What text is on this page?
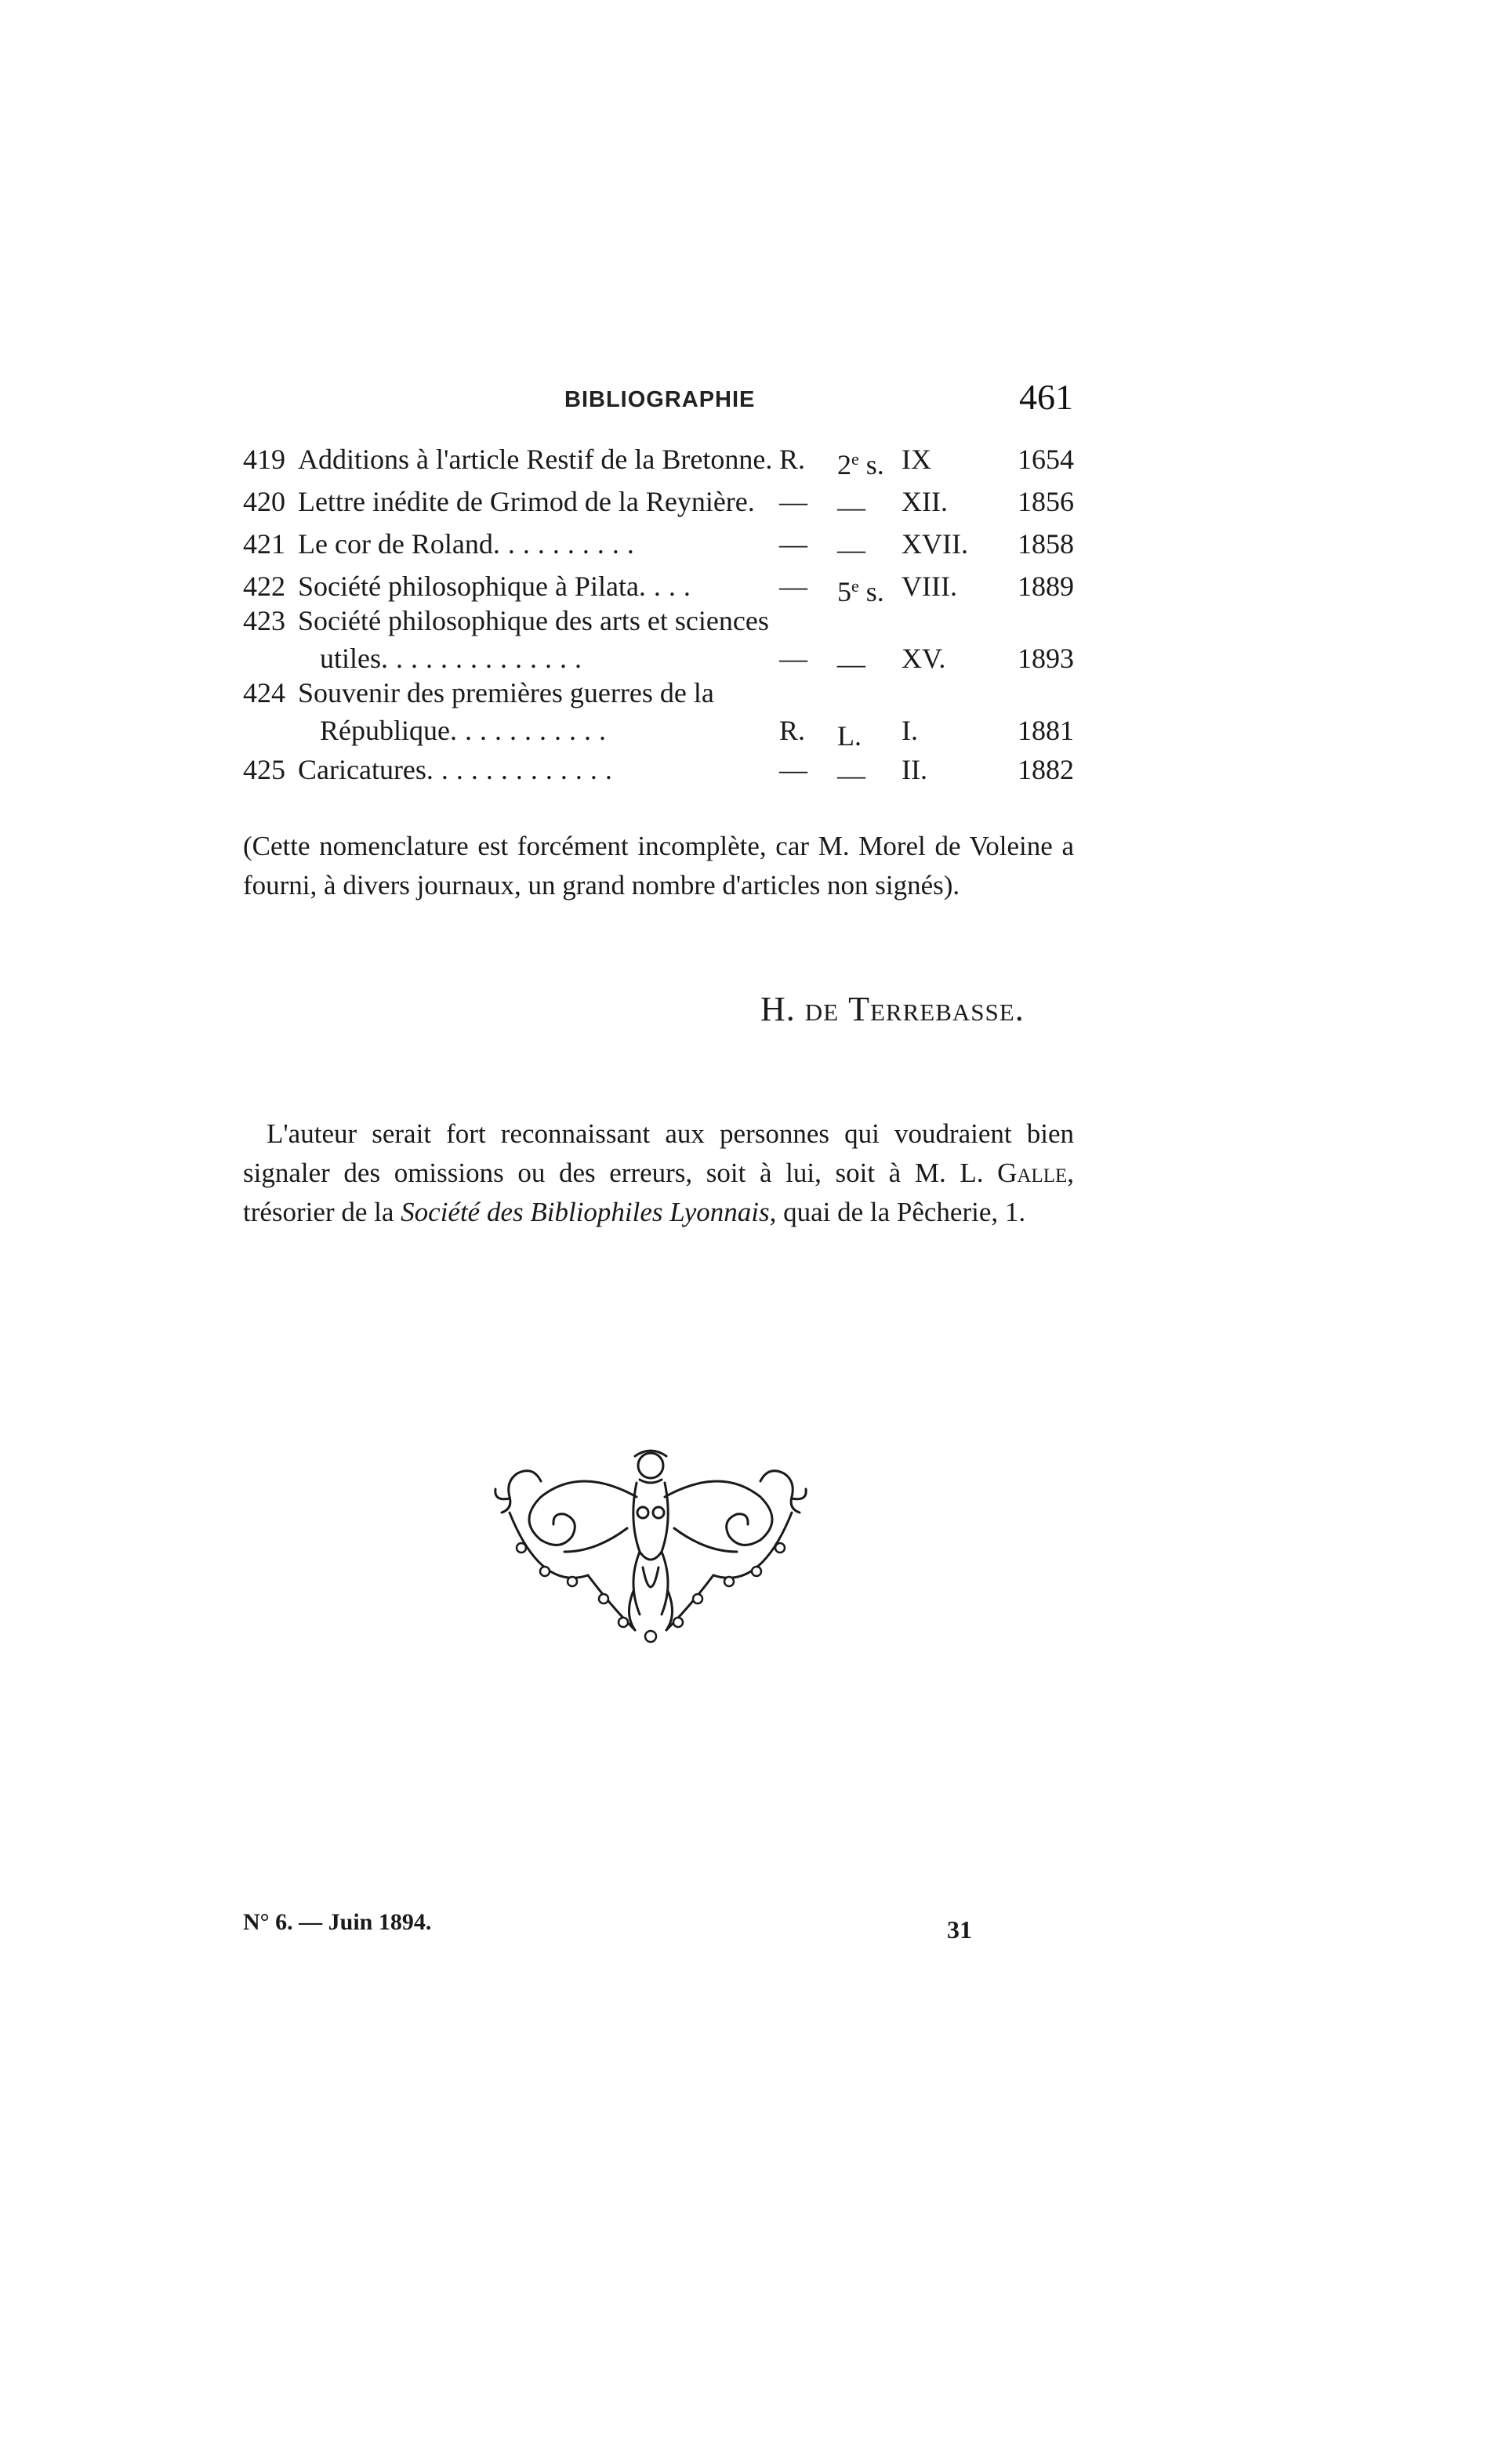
BIBLIOGRAPHIE	461
419 Additions à l'article Restif de la Bretonne. R. 2e s. IX	1654
420 Lettre inédite de Grimod de la Reynière. — — XII. 1856
421 Le cor de Roland..........	— — XVII. 1858
422 Société philosophique à Pilata....	— 5e s. VIII. 1889
423 Société philosophique des arts et sciences
utiles..............	— — XV.	1893
424 Souvenir des premières guerres de la
République...........	R. L. I.	1881
425 Caricatures.............	— — II.	1882
(Cette nomenclature est forcément incomplète, car M. Morel de Voleine a fourni, à divers journaux, un grand nombre d'articles non signés).
H. de Terrebasse.
L'auteur serait fort reconnaissant aux personnes qui voudraient bien signaler des omissions ou des erreurs, soit à lui, soit à M. L. Galle, trésorier de la Société des Bibliophiles Lyonnais, quai de la Pêcherie, 1.
N° 6. — Juin 1894.	31
